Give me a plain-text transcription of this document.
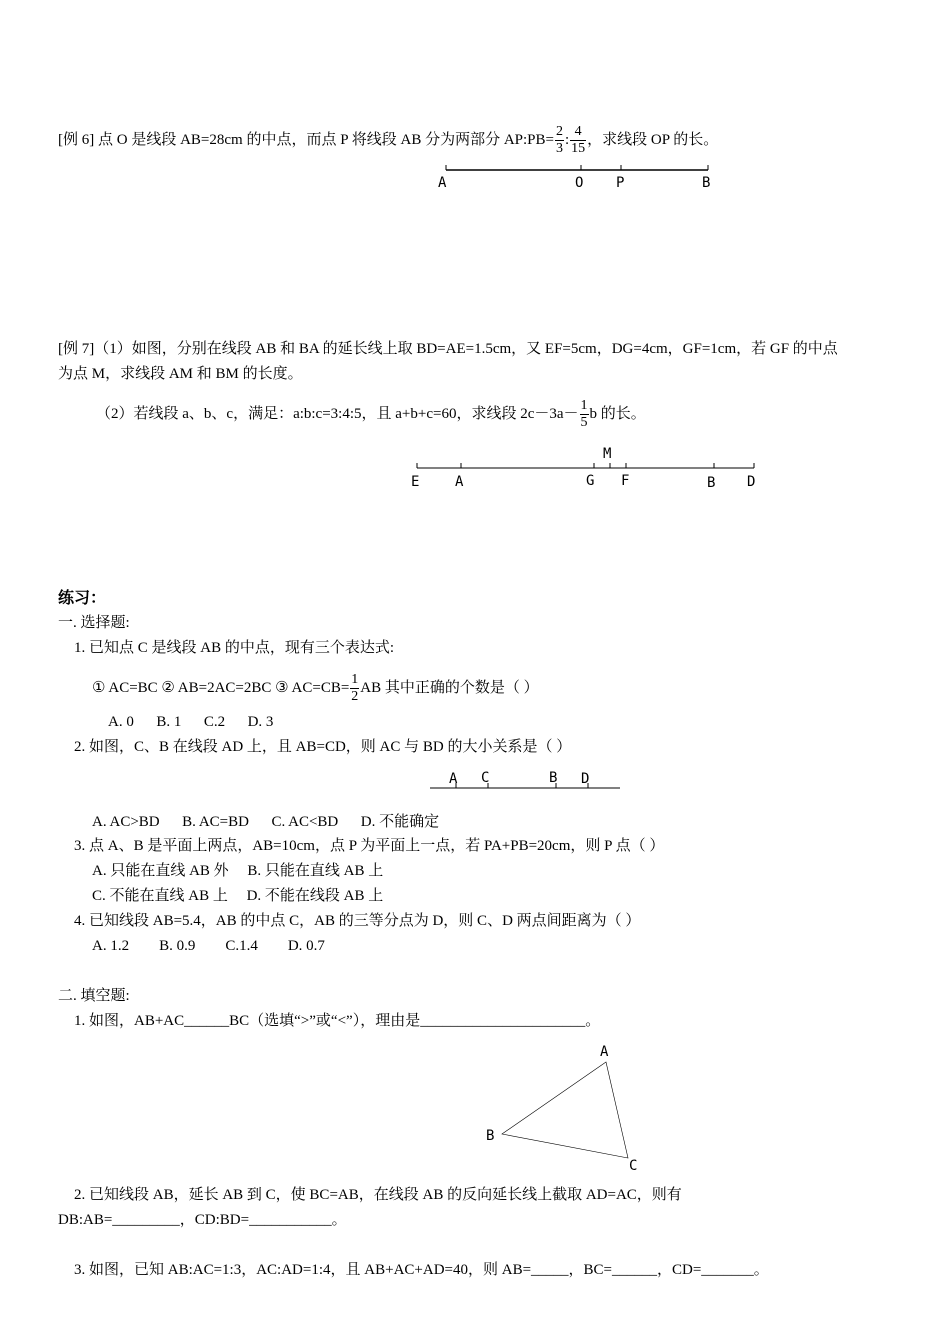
[例 6] 点 O 是线段 AB=28cm 的中点，而点 P 将线段 AB 分为两部分 AP:PB= $\frac{2}{3}$ : $\frac{4}{15}$ ，求线段 OP 的长。
A	O P	B
[例 7]（1）如图，分别在线段 AB 和 BA 的延长线上取 BD=AE=1.5cm，又 EF=5cm，DG=4cm，GF=1cm，若 GF 的中点
为点 M，求线段 AM 和 BM 的长度。
（2）若线段 a、b、c，满足：a:b:c=3:4:5，且 a+b+c=60，求线段 $2c-3a- \frac{1}{5}$ b 的长。
E	A	G
M
F	B D
练习：
一. 选择题:
1. 已知点 C 是线段 AB 的中点，现有三个表达式:
① AC=BC ② AB=2AC=2BC ③ $AC=CB= \frac{1}{2}$ AB 其中正确的个数是（ ）
A. 0      B. 1      C.2      D. 3
2. 如图，C、B 在线段 AD 上，且 AB=CD，则 AC 与 BD 的大小关系是（ ）
A C	B D
A. AC>BD      B. AC=BD      C. AC<BD      D. 不能确定
3. 点 A、B 是平面上两点，AB=10cm，点 P 为平面上一点，若 PA+PB=20cm，则 P 点（ ）
A. 只能在直线 AB 外     B. 只能在直线 AB 上
C. 不能在直线 AB 上     D. 不能在线段 AB 上
4. 已知线段 AB=5.4，AB 的中点 C，AB 的三等分点为 D，则 C、D 两点间距离为（ ）
A. 1.2        B. 0.9        C.1.4        D. 0.7
二. 填空题:
1. 如图，AB+AC______BC（选填“>”或“<”），理由是______________________。
A
B
C
2. 已知线段 AB，延长 AB 到 C，使 BC=AB，在线段 AB 的反向延长线上截取 AD=AC，则有
DB:AB=_________，CD:BD=___________。
3. 如图，已知 AB:AC=1:3，AC:AD=1:4，且 AB+AC+AD=40，则 AB=_____，BC=______，CD=_______。
